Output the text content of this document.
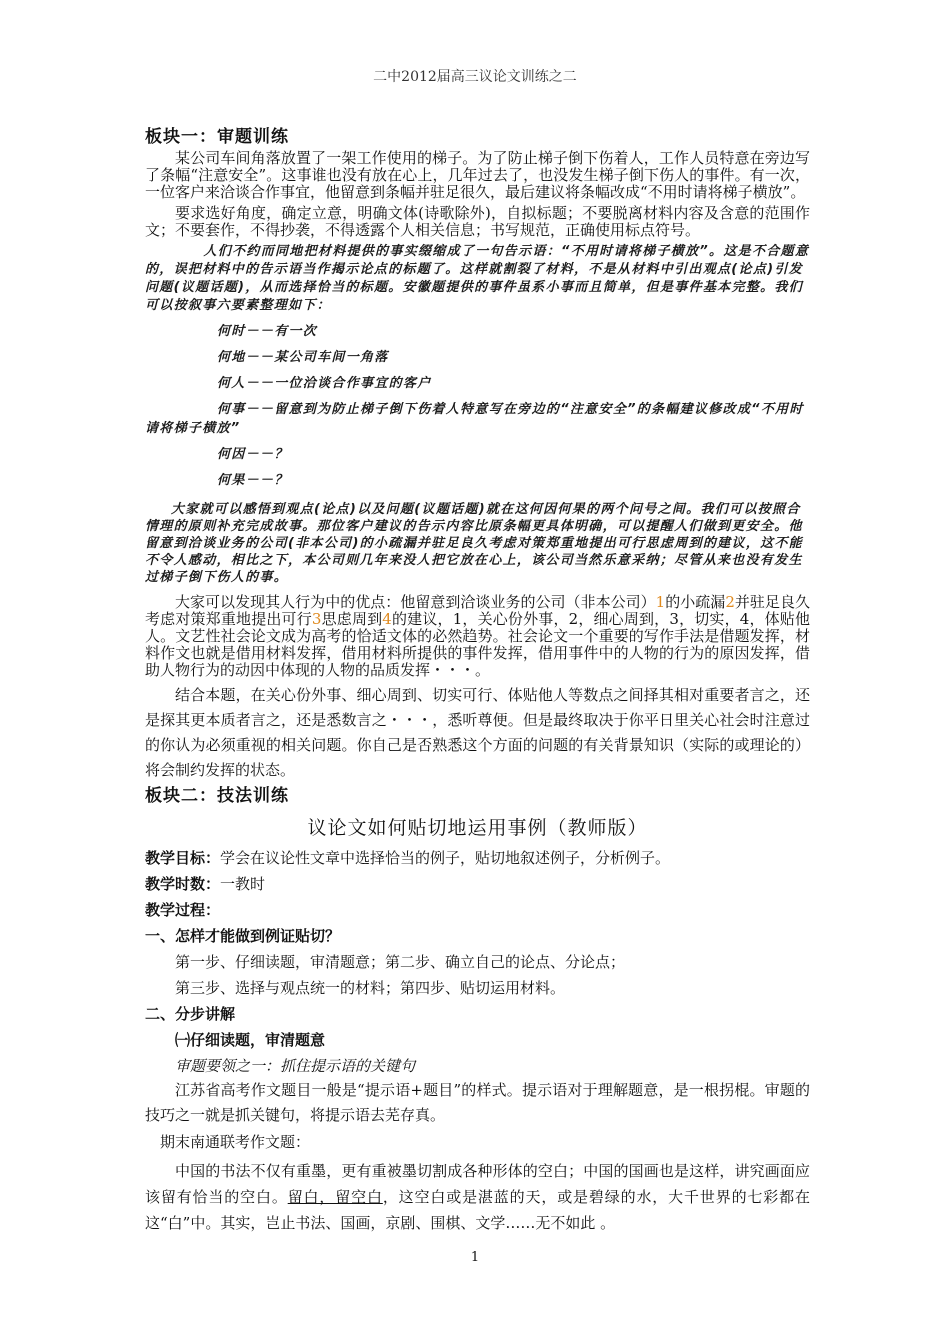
二中2012届高三议论文训练之二
板块一：审题训练

某公司车间角落放置了一架工作使用的梯子。为了防止梯子倒下伤着人，工作人员特意在旁边写了条幅“注意安全”。这事谁也没有放在心上，几年过去了，也没发生梯子倒下伤人的事件。有一次，一位客户来洽谈合作事宜，他留意到条幅并驻足很久，最后建议将条幅改成“不用时请将梯子横放”。

要求选好角度，确定立意，明确文体(诗歌除外)，自拟标题；不要脱离材料内容及含意的范围作文；不要套作，不得抄袭，不得透露个人相关信息；书写规范，正确使用标点符号。

人们不约而同地把材料提供的事实缀缩成了一句告示语：“不用时请将梯子横放”。这是不合题意的，误把材料中的告示语当作揭示论点的标题了。这样就割裂了材料，不是从材料中引出观点(论点)引发问题(议题话题)，从而选择恰当的标题。安徽题提供的事件虽系小事而且简单，但是事件基本完整。我们可以按叙事六要素整理如下：

何时－－有一次

何地－－某公司车间一角落

何人－－一位洽谈合作事宜的客户

何事－－留意到为防止梯子倒下伤着人特意写在旁边的“注意安全”的条幅建议修改成“不用时请将梯子横放”

何因－－？

何果－－？

大家就可以感悟到观点(论点)以及问题(议题话题)就在这何因何果的两个问号之间。我们可以按照合情理的原则补充完成故事。那位客户建议的告示内容比原条幅更具体明确，可以提醒人们做到更安全。他留意到洽谈业务的公司(非本公司)的小疏漏并驻足良久考虑对策郑重地提出可行思虑周到的建议，这不能不令人感动，相比之下，本公司则几年来没人把它放在心上，该公司当然乐意采纳；尽管从来也没有发生过梯子倒下伤人的事。

大家可以发现其人行为中的优点：他留意到洽谈业务的公司（非本公司）1的小疏漏2并驻足良久考虑对策郑重地提出可行3思虑周到4的建议，1，关心份外事，2，细心周到，3，切实，4，体贴他人。文艺性社会论文成为高考的恰适文体的必然趋势。社会论文一个重要的写作手法是借题发挥，材料作文也就是借用材料发挥，借用材料所提供的事件发挥，借用事件中的人物的行为的原因发挥，借助人物行为的动因中体现的人物的品质发挥・・・。

结合本题，在关心份外事、细心周到、切实可行、体贴他人等数点之间择其相对重要者言之，还是探其更本质者言之，还是悉数言之・・・，悉听尊便。但是最终取决于你平日里关心社会时注意过的你认为必须重视的相关问题。你自己是否熟悉这个方面的问题的有关背景知识（实际的或理论的）将会制约发挥的状态。

板块二：技法训练
议论文如何贴切地运用事例（教师版）
教学目标：学会在议论性文章中选择恰当的例子，贴切地叙述例子，分析例子。
教学时数：一教时
教学过程：
一、怎样才能做到例证贴切？
第一步、仔细读题，审清题意；第二步、确立自己的论点、分论点；
第三步、选择与观点统一的材料；第四步、贴切运用材料。
二、分步讲解
㈠仔细读题，审清题意
审题要领之一：抓住提示语的关键句

江苏省高考作文题目一般是“提示语+题目”的样式。提示语对于理解题意，是一根拐棍。审题的技巧之一就是抓关键句，将提示语去芜存真。

期末南通联考作文题：

中国的书法不仅有重墨，更有重被墨切割成各种形体的空白；中国的国画也是这样，讲究画面应该留有恰当的空白。留白，留空白，这空白或是湛蓝的天，或是碧绿的水，大千世界的七彩都在这“白”中。其实，岂止书法、国画，京剧、围棋、文学……无不如此 。

1
